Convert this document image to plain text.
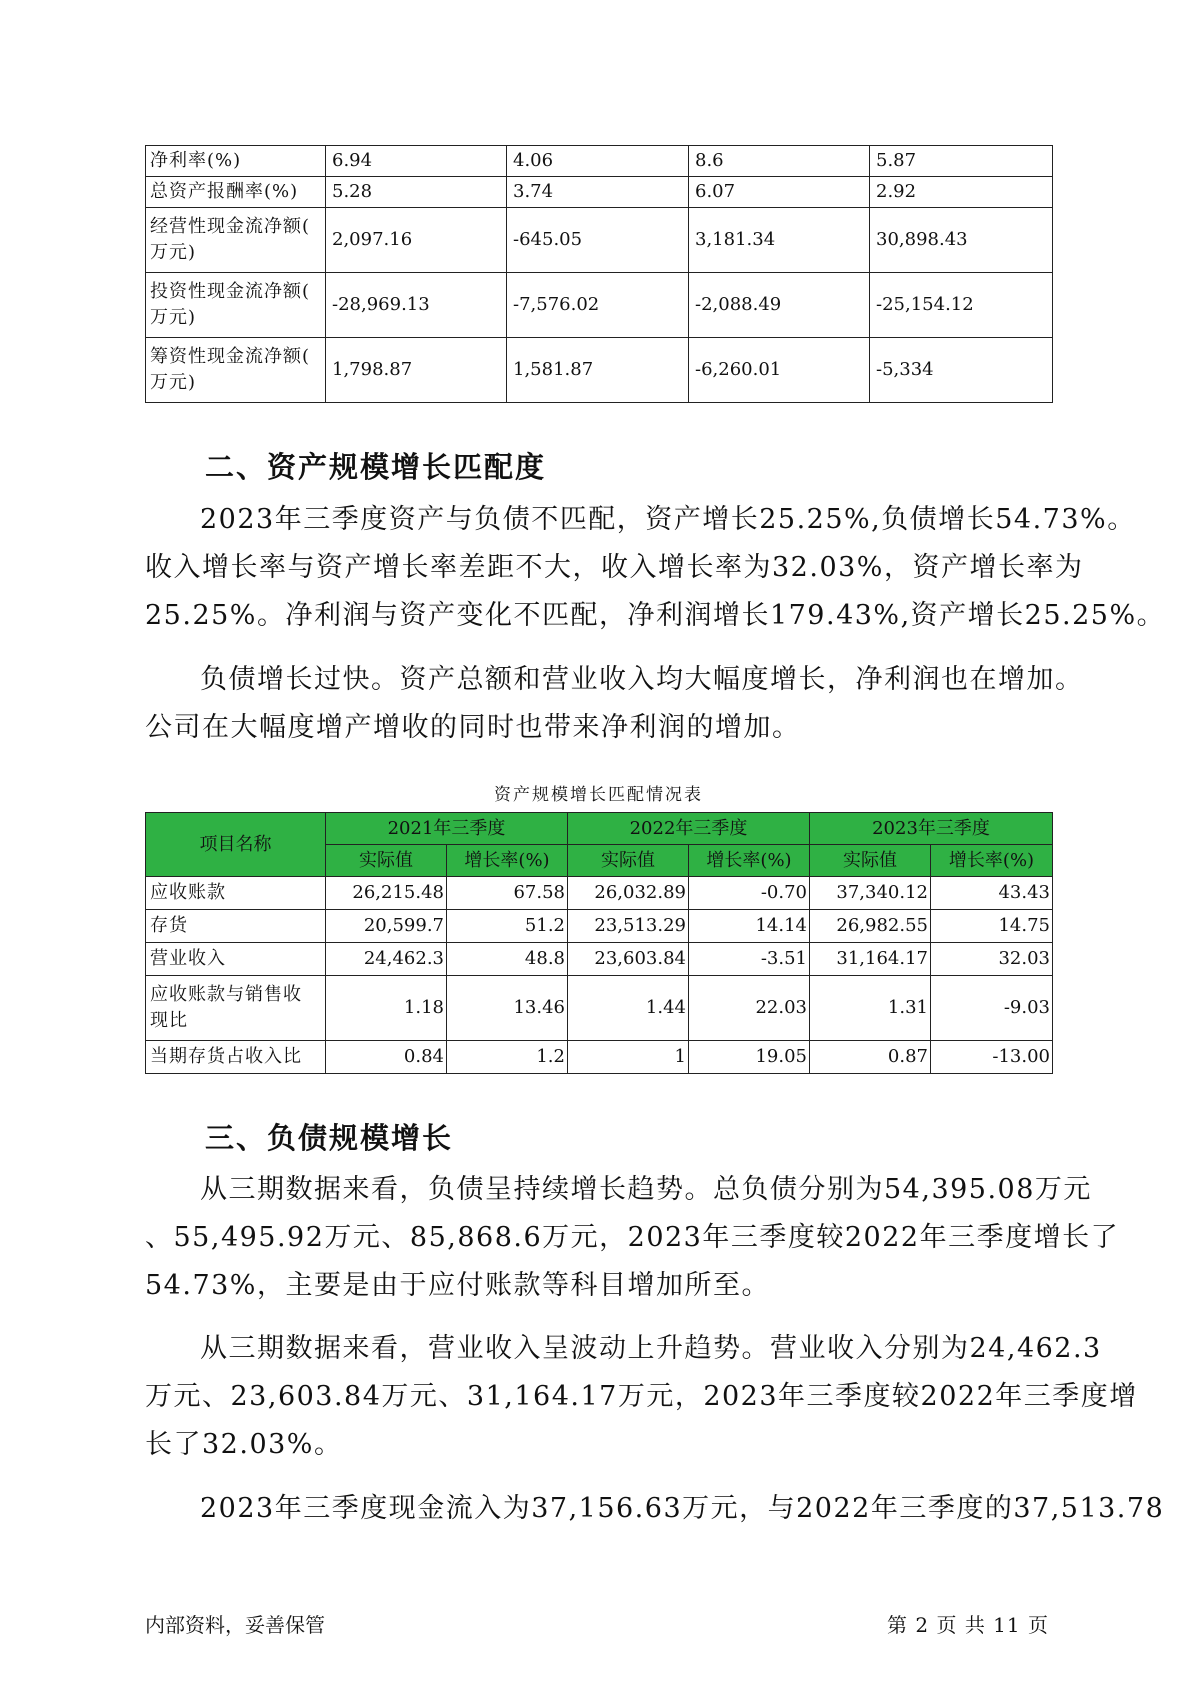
净利率(%)	6.94	4.06	8.6	5.87
总资产报酬率(%)	5.28	3.74	6.07	2.92
经营性现金流净额(
万元)	2,097.16	-645.05	3,181.34	30,898.43
投资性现金流净额(
万元)	-28,969.13	-7,576.02	-2,088.49	-25,154.12
筹资性现金流净额(
万元)	1,798.87	1,581.87	-6,260.01	-5,334
二、资产规模增长匹配度
2023年三季度资产与负债不匹配，资产增长25.25%,负债增长54.73%。
收入增长率与资产增长率差距不大，收入增长率为32.03%，资产增长率为
25.25%。净利润与资产变化不匹配，净利润增长179.43%,资产增长25.25%。
负债增长过快。资产总额和营业收入均大幅度增长，净利润也在增加。
公司在大幅度增产增收的同时也带来净利润的增加。
资产规模增长匹配情况表
项目名称	2021年三季度		2022年三季度		2023年三季度	
	实际值	增长率(%)	实际值	增长率(%)	实际值	增长率(%)
应收账款	26,215.48	67.58	26,032.89	-0.70	37,340.12	43.43
存货	20,599.7	51.2	23,513.29	14.14	26,982.55	14.75
营业收入	24,462.3	48.8	23,603.84	-3.51	31,164.17	32.03
应收账款与销售收
现比	1.18	13.46	1.44	22.03	1.31	-9.03
当期存货占收入比	0.84	1.2	1	19.05	0.87	-13.00
三、负债规模增长
从三期数据来看，负债呈持续增长趋势。总负债分别为54,395.08万元
、55,495.92万元、85,868.6万元，2023年三季度较2022年三季度增长了
54.73%，主要是由于应付账款等科目增加所至。
从三期数据来看，营业收入呈波动上升趋势。营业收入分别为24,462.3
万元、23,603.84万元、31,164.17万元，2023年三季度较2022年三季度增
长了32.03%。
2023年三季度现金流入为37,156.63万元，与2022年三季度的37,513.78
内部资料，妥善保管	第 2 页 共 11 页
